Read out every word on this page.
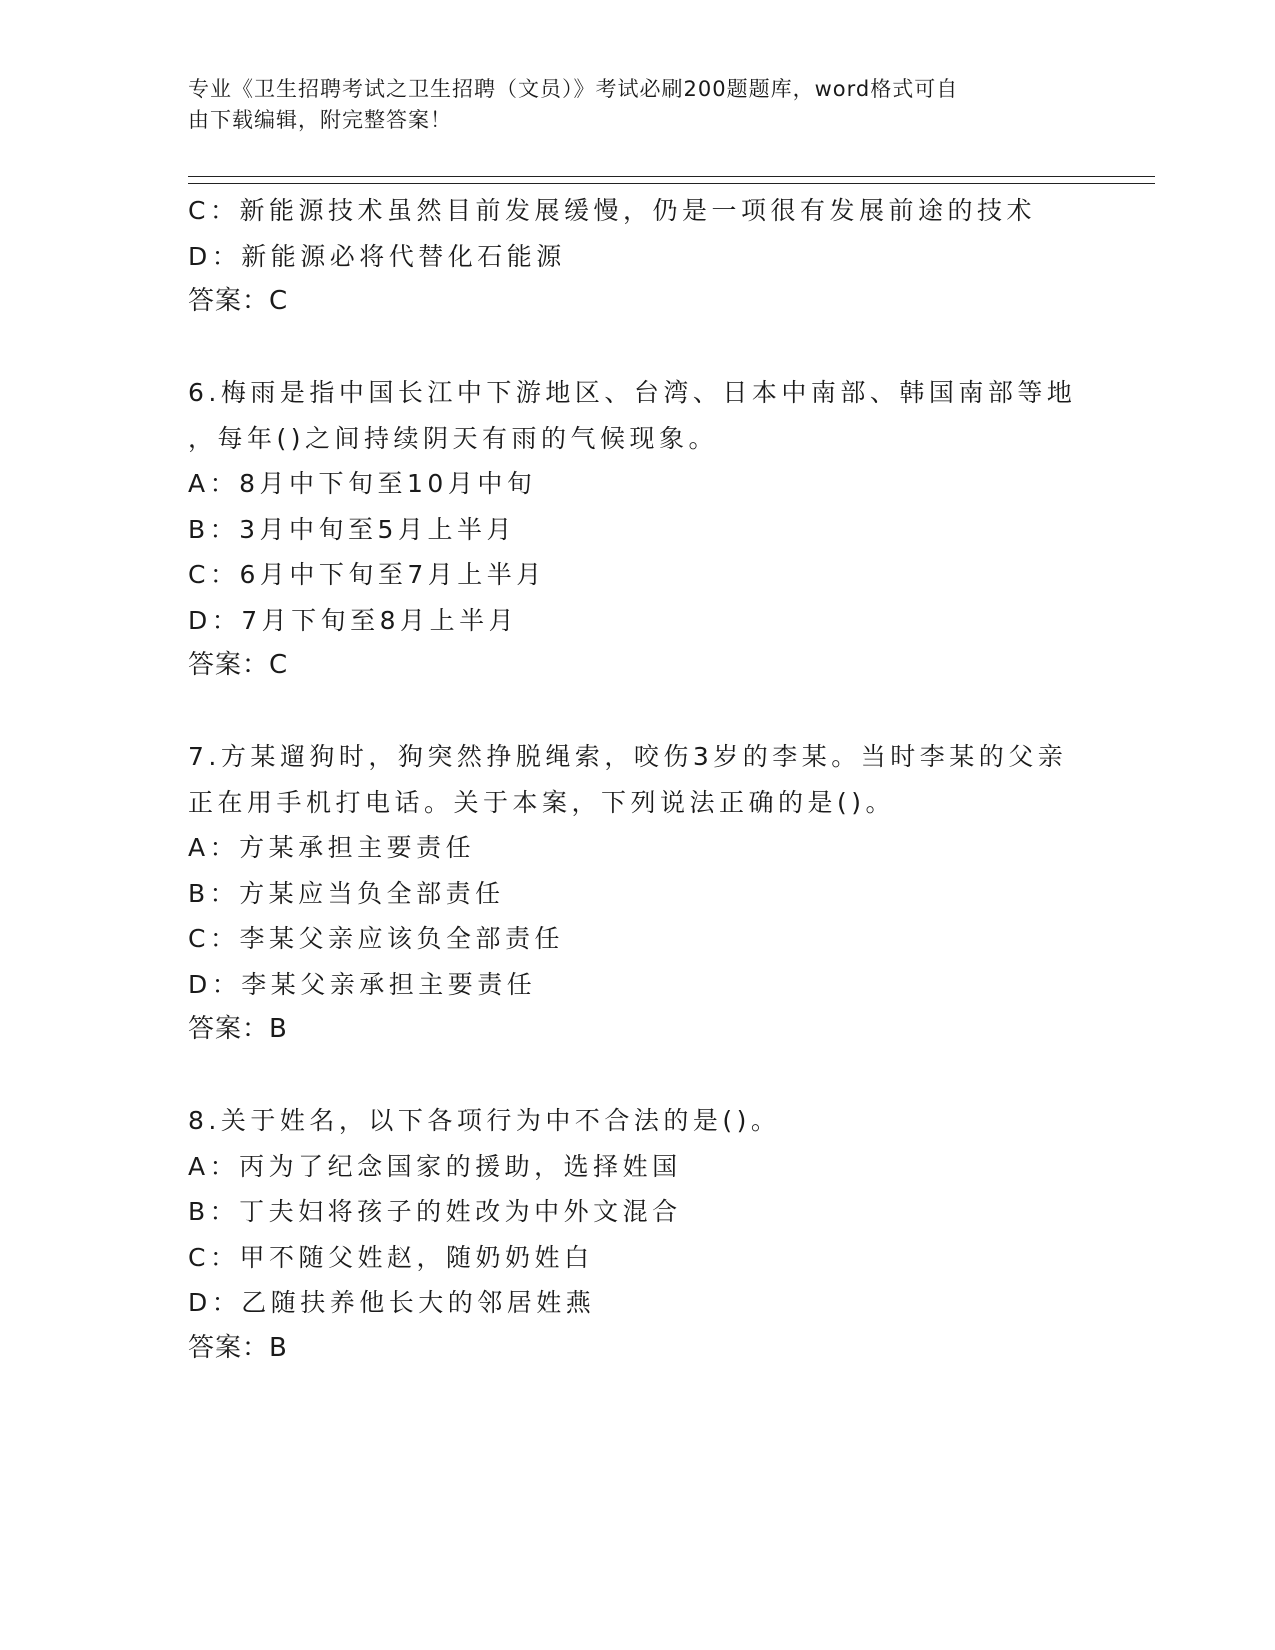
专业《卫生招聘考试之卫生招聘（文员）》考试必刷200题题库，word格式可自
由下载编辑，附完整答案！
C：新能源技术虽然目前发展缓慢，仍是一项很有发展前途的技术
D：新能源必将代替化石能源
答案：C
6.梅雨是指中国长江中下游地区、台湾、日本中南部、韩国南部等地
，每年()之间持续阴天有雨的气候现象。
A：8月中下旬至10月中旬
B：3月中旬至5月上半月
C：6月中下旬至7月上半月
D：7月下旬至8月上半月
答案：C
7.方某遛狗时，狗突然挣脱绳索，咬伤3岁的李某。当时李某的父亲
正在用手机打电话。关于本案，下列说法正确的是()。
A：方某承担主要责任
B：方某应当负全部责任
C：李某父亲应该负全部责任
D：李某父亲承担主要责任
答案：B
8.关于姓名，以下各项行为中不合法的是()。
A：丙为了纪念国家的援助，选择姓国
B：丁夫妇将孩子的姓改为中外文混合
C：甲不随父姓赵，随奶奶姓白
D：乙随扶养他长大的邻居姓燕
答案：B
